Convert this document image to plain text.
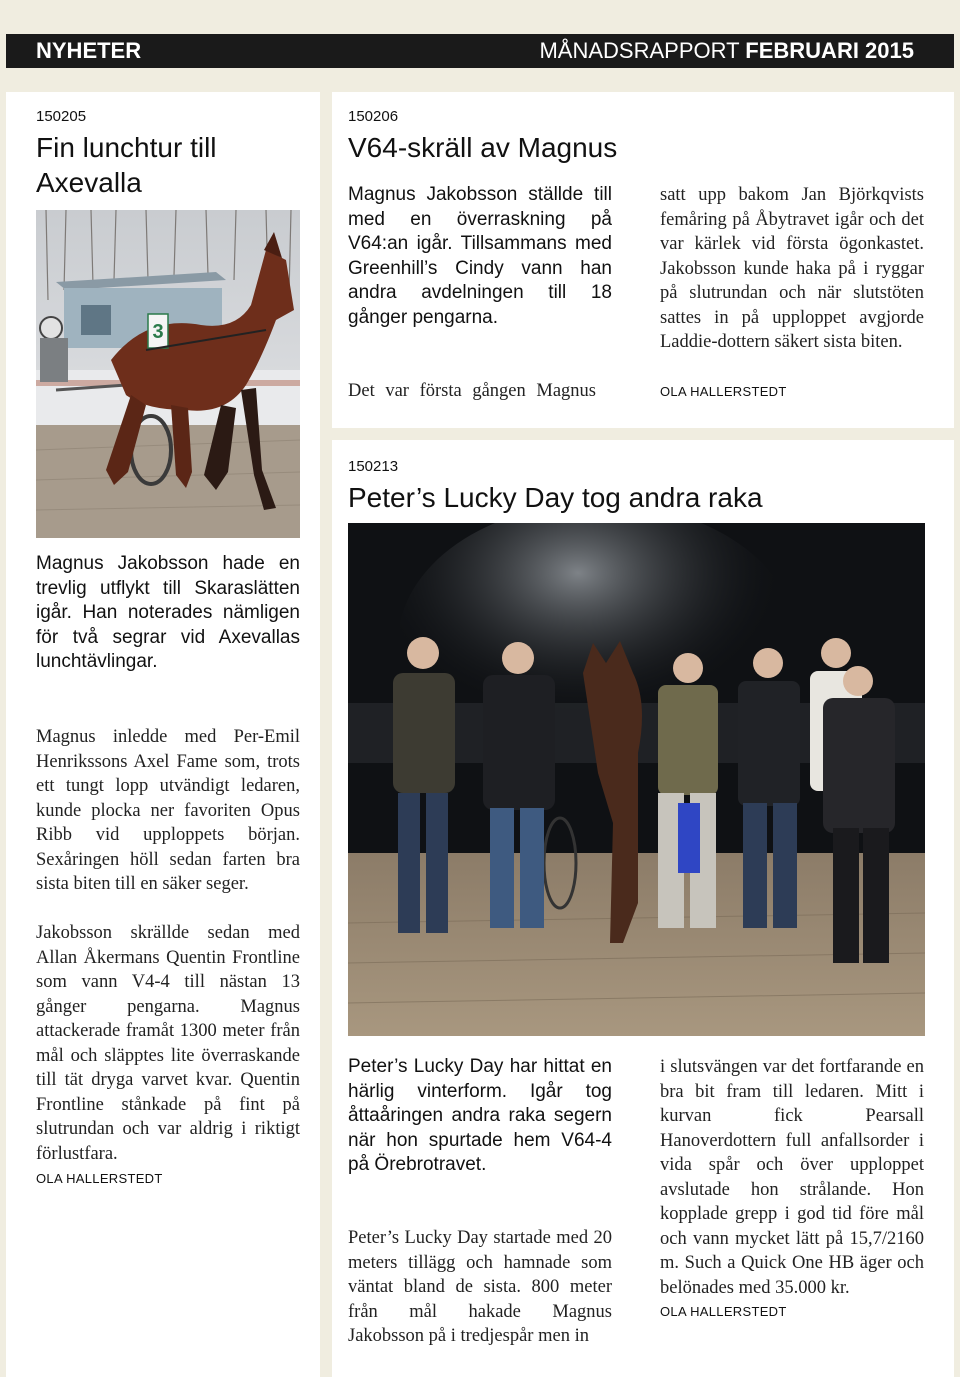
NYHETER	MÅNADSRAPPORT FEBRUARI 2015
150205
Fin lunchtur till Axevalla
3

Magnus Jakobsson hade en trevlig utflykt till Skaraslätten igår. Han noterades nämligen för två segrar vid Axevallas lunchtävlingar.

Magnus inledde med Per-Emil Henrikssons Axel Fame som, trots ett tungt lopp utvändigt ledaren, kunde plocka ner favoriten Opus Ribb vid upploppets början. Sexåringen höll sedan farten bra sista biten till en säker seger.

Jakobsson skrällde sedan med Allan Åkermans Quentin Frontline som vann V4-4 till nästan 13 gånger pengarna. Magnus attackerade framåt 1300 meter från mål och släpptes lite överraskande till tät dryga varvet kvar. Quentin Frontline stånkade på fint på slutrundan och var aldrig i riktigt förlustfara.

OLA HALLERSTEDT
150206
V64-skräll av Magnus

Magnus Jakobsson ställde till med en överraskning på V64:an igår. Tillsammans med Greenhill’s Cindy vann han andra avdelningen till 18 gånger pengarna.

Det var första gången Magnus

satt upp bakom Jan Björkqvists femåring på Åbytravet igår och det var kärlek vid första ögonkastet. Jakobsson kunde haka på i ryggar på slutrundan och när slutstöten sattes in på upploppet avgjorde Laddie-dottern säkert sista biten.

OLA HALLERSTEDT
150213
Peter’s Lucky Day tog andra raka

Peter’s Lucky Day har hittat en härlig vinterform. Igår tog åttaåringen andra raka segern när hon spurtade hem V64-4 på Örebrotravet.

Peter’s Lucky Day startade med 20 meters tillägg och hamnade som väntat bland de sista. 800 meter från mål hakade Magnus Jakobsson på i tredjespår men in

i slutsvängen var det fortfarande en bra bit fram till ledaren. Mitt i kurvan fick Pearsall Hanoverdottern full anfallsorder i vida spår och över upploppet avslutade hon strålande. Hon kopplade grepp i god tid före mål och vann mycket lätt på 15,7/2160 m. Such a Quick One HB äger och belönades med 35.000 kr.

OLA HALLERSTEDT
